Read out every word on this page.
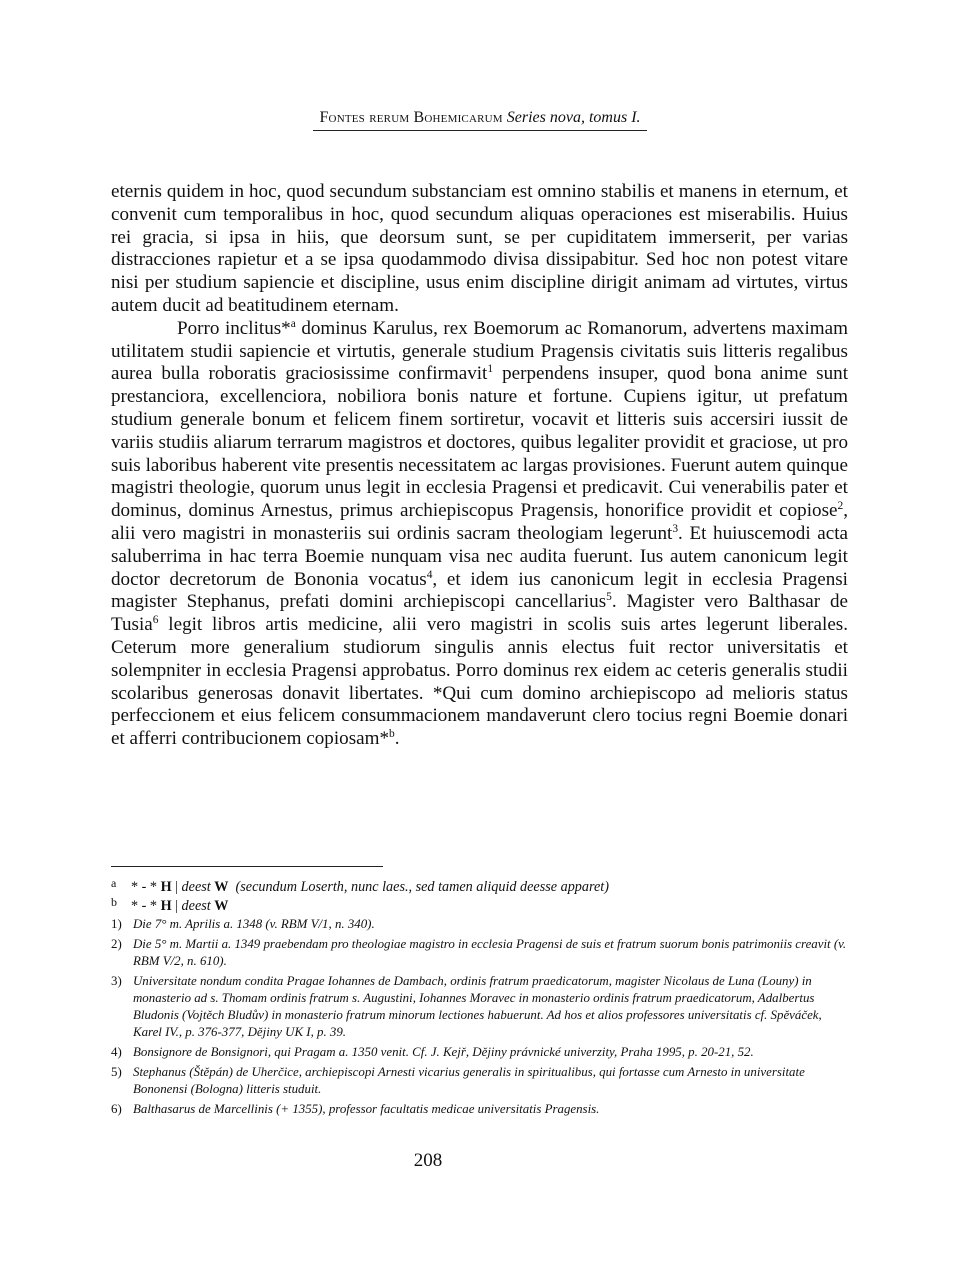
Fontes rerum Bohemicarum Series nova, tomus I.

eternis quidem in hoc, quod secundum substanciam est omnino stabilis et manens in eternum, et convenit cum temporalibus in hoc, quod secundum aliquas operaciones est miserabilis. Huius rei gracia, si ipsa in hiis, que deorsum sunt, se per cupiditatem immerserit, per varias distracciones rapietur et a se ipsa quodammodo divisa dissipabitur. Sed hoc non potest vitare nisi per studium sapiencie et discipline, usus enim discipline dirigit animam ad virtutes, virtus autem ducit ad beatitudinem eternam.

Porro inclitus*$^a$ dominus Karulus, rex Boemorum ac Romanorum, advertens maximam utilitatem studii sapiencie et virtutis, generale studium Pragensis civitatis suis litteris regalibus aurea bulla roboratis graciosissime confirmavit$^1$ perpendens insuper, quod bona anime sunt prestanciora, excellenciora, nobiliora bonis nature et fortune. Cupiens igitur, ut prefatum studium generale bonum et felicem finem sortiretur, vocavit et litteris suis accersiri iussit de variis studiis aliarum terrarum magistros et doctores, quibus legaliter providit et graciose, ut pro suis laboribus haberent vite presentis necessitatem ac largas provisiones. Fuerunt autem quinque magistri theologie, quorum unus legit in ecclesia Pragensi et predicavit. Cui venerabilis pater et dominus, dominus Arnestus, primus archiepiscopus Pragensis, honorifice providit et copiose$^2$, alii vero magistri in monasteriis sui ordinis sacram theologiam legerunt$^3$. Et huiuscemodi acta saluberrima in hac terra Boemie nunquam visa nec audita fuerunt. Ius autem canonicum legit doctor decretorum de Bononia vocatus$^4$, et idem ius canonicum legit in ecclesia Pragensi magister Stephanus, prefati domini archiepiscopi cancellarius$^5$. Magister vero Balthasar de Tusia$^6$ legit libros artis medicine, alii vero magistri in scolis suis artes legerunt liberales. Ceterum more generalium studiorum singulis annis electus fuit rector universitatis et solempniter in ecclesia Pragensi approbatus. Porro dominus rex eidem ac ceteris generalis studii scolaribus generosas donavit libertates. *Qui cum domino archiepiscopo ad melioris status perfeccionem et eius felicem consummacionem mandaverunt clero tocius regni Boemie donari et afferri contribucionem copiosam*$^b$.

a	* - * H | deest W (secundum Loserth, nunc laes., sed tamen aliquid deesse apparet)
b * - * H | deest W
1) Die 7° m. Aprilis a. 1348 (v. RBM V/1, n. 340).
2) Die 5° m. Martii a. 1349 praebendam pro theologiae magistro in ecclesia Pragensi de suis et fratrum suorum bonis patrimoniis creavit (v. RBM V/2, n. 610).
3) Universitate nondum condita Pragae Iohannes de Dambach, ordinis fratrum praedicatorum, magister Nicolaus de Luna (Louny) in monasterio ad s. Thomam ordinis fratrum s. Augustini, Iohannes Moravec in monasterio ordinis fratrum praedicatorum, Adalbertus Bludonis (Vojtěch Bludův) in monasterio fratrum minorum lectiones habuerunt. Ad hos et alios professores universitatis cf. Spěváček, Karel IV., p. 376-377, Dějiny UK I, p. 39.
4) Bonsignore de Bonsignori, qui Pragam a. 1350 venit. Cf. J. Kejř, Dějiny právnické univerzity, Praha 1995, p. 20-21, 52.
5) Stephanus (Štěpán) de Uherčice, archiepiscopi Arnesti vicarius generalis in spiritualibus, qui fortasse cum Arnesto in universitate Bononensi (Bologna) litteris studuit.
6) Balthasarus de Marcellinis (+ 1355), professor facultatis medicae universitatis Pragensis.
208
